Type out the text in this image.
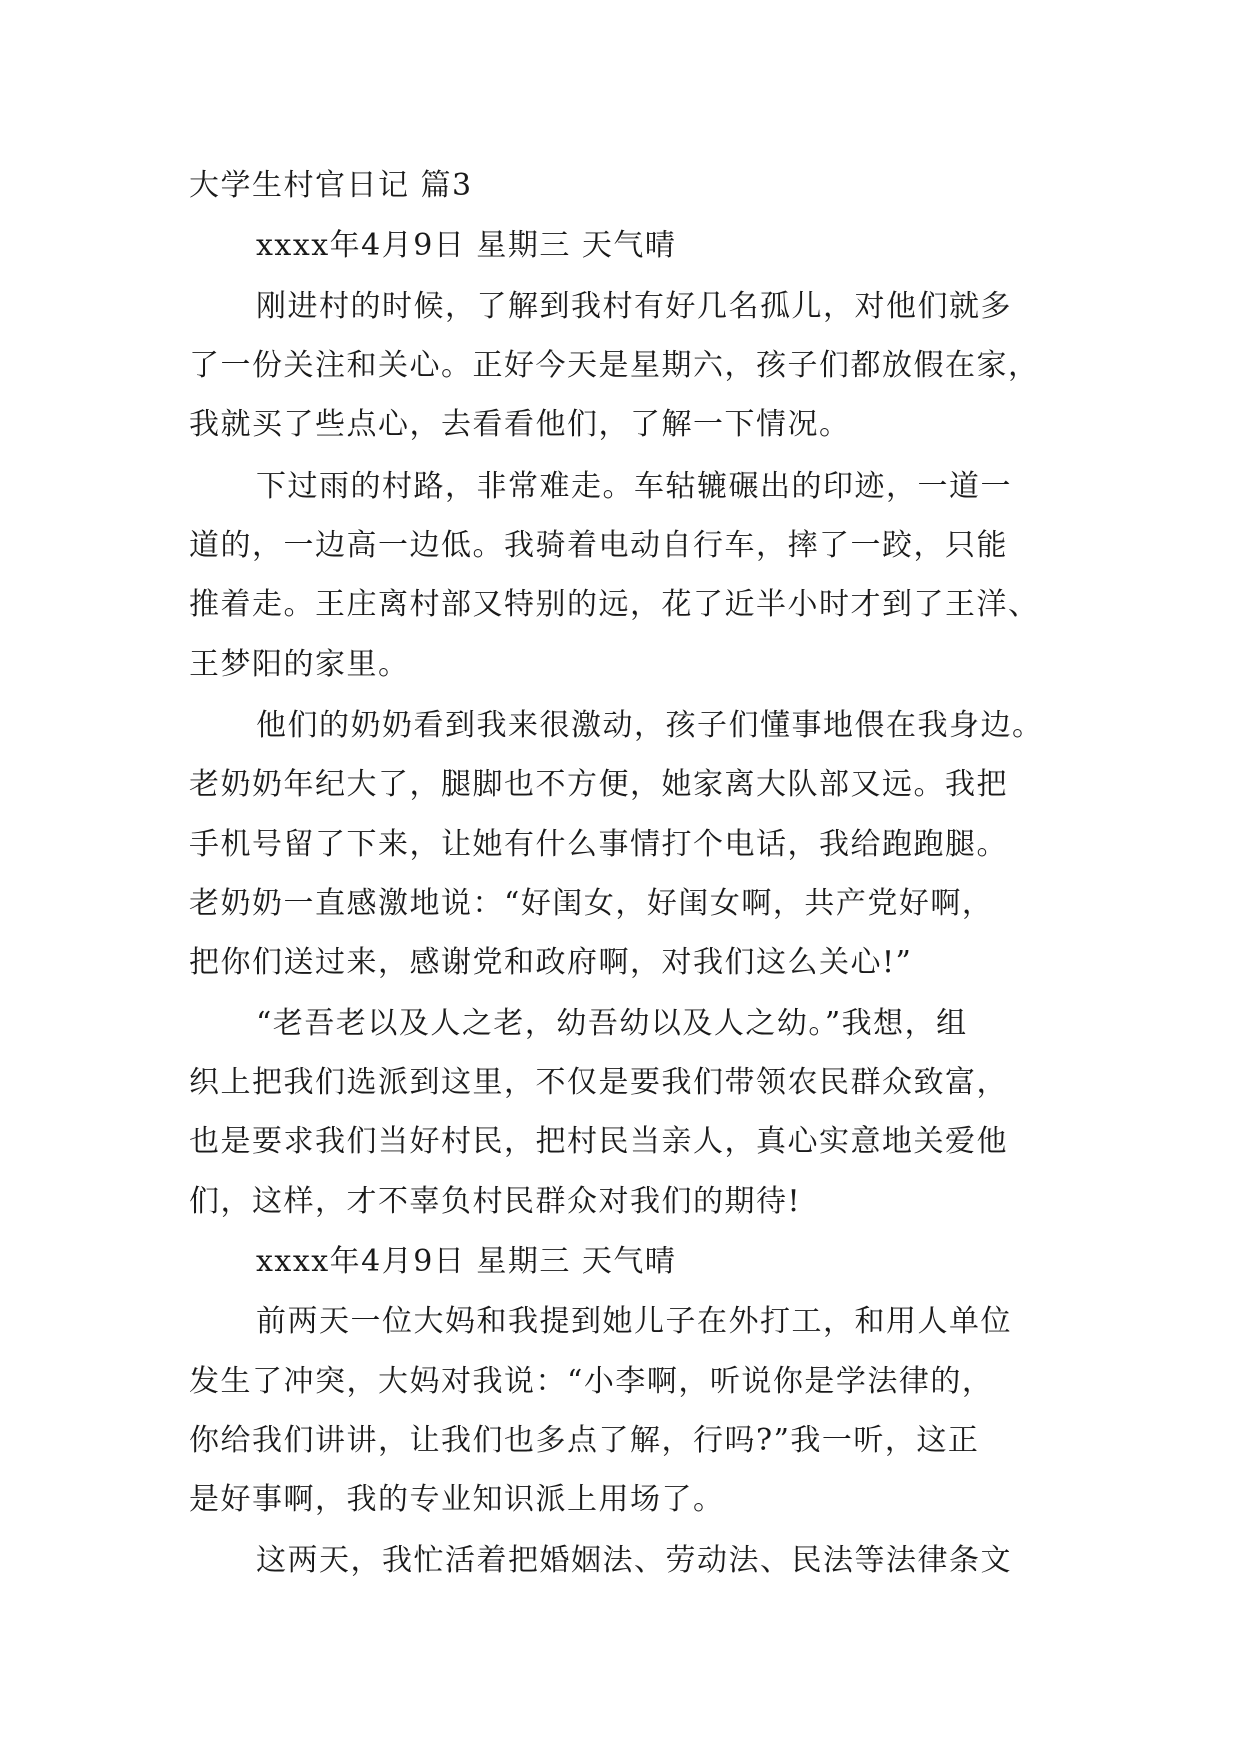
大学生村官日记 篇3
xxxx年4月9日 星期三 天气晴
刚进村的时候，了解到我村有好几名孤儿，对他们就多
了一份关注和关心。正好今天是星期六，孩子们都放假在家，
我就买了些点心，去看看他们，了解一下情况。
下过雨的村路，非常难走。车轱辘碾出的印迹，一道一
道的，一边高一边低。我骑着电动自行车，摔了一跤，只能
推着走。王庄离村部又特别的远，花了近半小时才到了王洋、
王梦阳的家里。
他们的奶奶看到我来很激动，孩子们懂事地偎在我身边。
老奶奶年纪大了，腿脚也不方便，她家离大队部又远。我把
手机号留了下来，让她有什么事情打个电话，我给跑跑腿。
老奶奶一直感激地说：“好闺女，好闺女啊，共产党好啊，
把你们送过来，感谢党和政府啊，对我们这么关心!”
“老吾老以及人之老，幼吾幼以及人之幼。”我想，组
织上把我们选派到这里，不仅是要我们带领农民群众致富，
也是要求我们当好村民，把村民当亲人，真心实意地关爱他
们，这样，才不辜负村民群众对我们的期待!
xxxx年4月9日 星期三 天气晴
前两天一位大妈和我提到她儿子在外打工，和用人单位
发生了冲突，大妈对我说：“小李啊，听说你是学法律的，
你给我们讲讲，让我们也多点了解，行吗?”我一听，这正
是好事啊，我的专业知识派上用场了。
这两天，我忙活着把婚姻法、劳动法、民法等法律条文
